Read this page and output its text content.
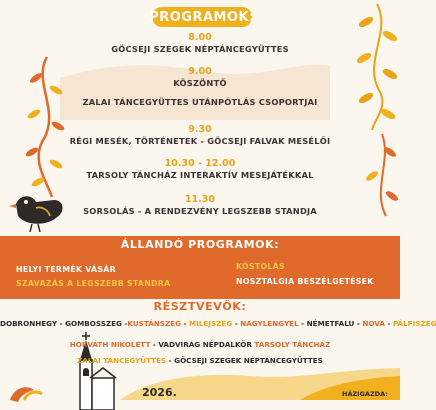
PROGRAMOK:
8.00
GÖCSEJI SZEGEK NÉPTÁNCEGYÜTTES
9.00
KÖSZÖNTŐ
ZALAI TÁNCEGYÜTTES UTÁNPÓTLÁS CSOPORTJAI
9.30
RÉGI MESÉK, TÖRTÉNETEK - GÖCSEJI FALVAK MESÉLŐI
10.30 - 12.00
TARSOLY TÁNCHÁZ INTERAKTÍV MESEJÁTÉKKAL
11.30
SORSOLÁS - A RENDEZVÉNY LEGSZEBB STANDJA
ÁLLANDÓ PROGRAMOK:
HELYI TERMÉK VÁSÁR
SZAVAZÁS A LEGSZEBB STANDRA
KÓSTOLÁS
NOSZTALGIA BESZÉLGETÉSEK
RÉSZTVEVŐK:
DOBRONHEGY - GOMBOSSZEG -KUSTÁNSZEG - MILEJSZEG - NAGYLENGYEL - NÉMETFALU - NOVA - PÁLFISZEG
HORVÁTH NIKOLETT - VADVIRÁG NÉPDALKÖR TARSOLY TÁNCHÁZ
ZALAI TÁNCEGYÜTTES - GÖCSEJI SZEGEK NÉPTÁNCEGYÜTTES
2026.	HÁZIGAZDA:
